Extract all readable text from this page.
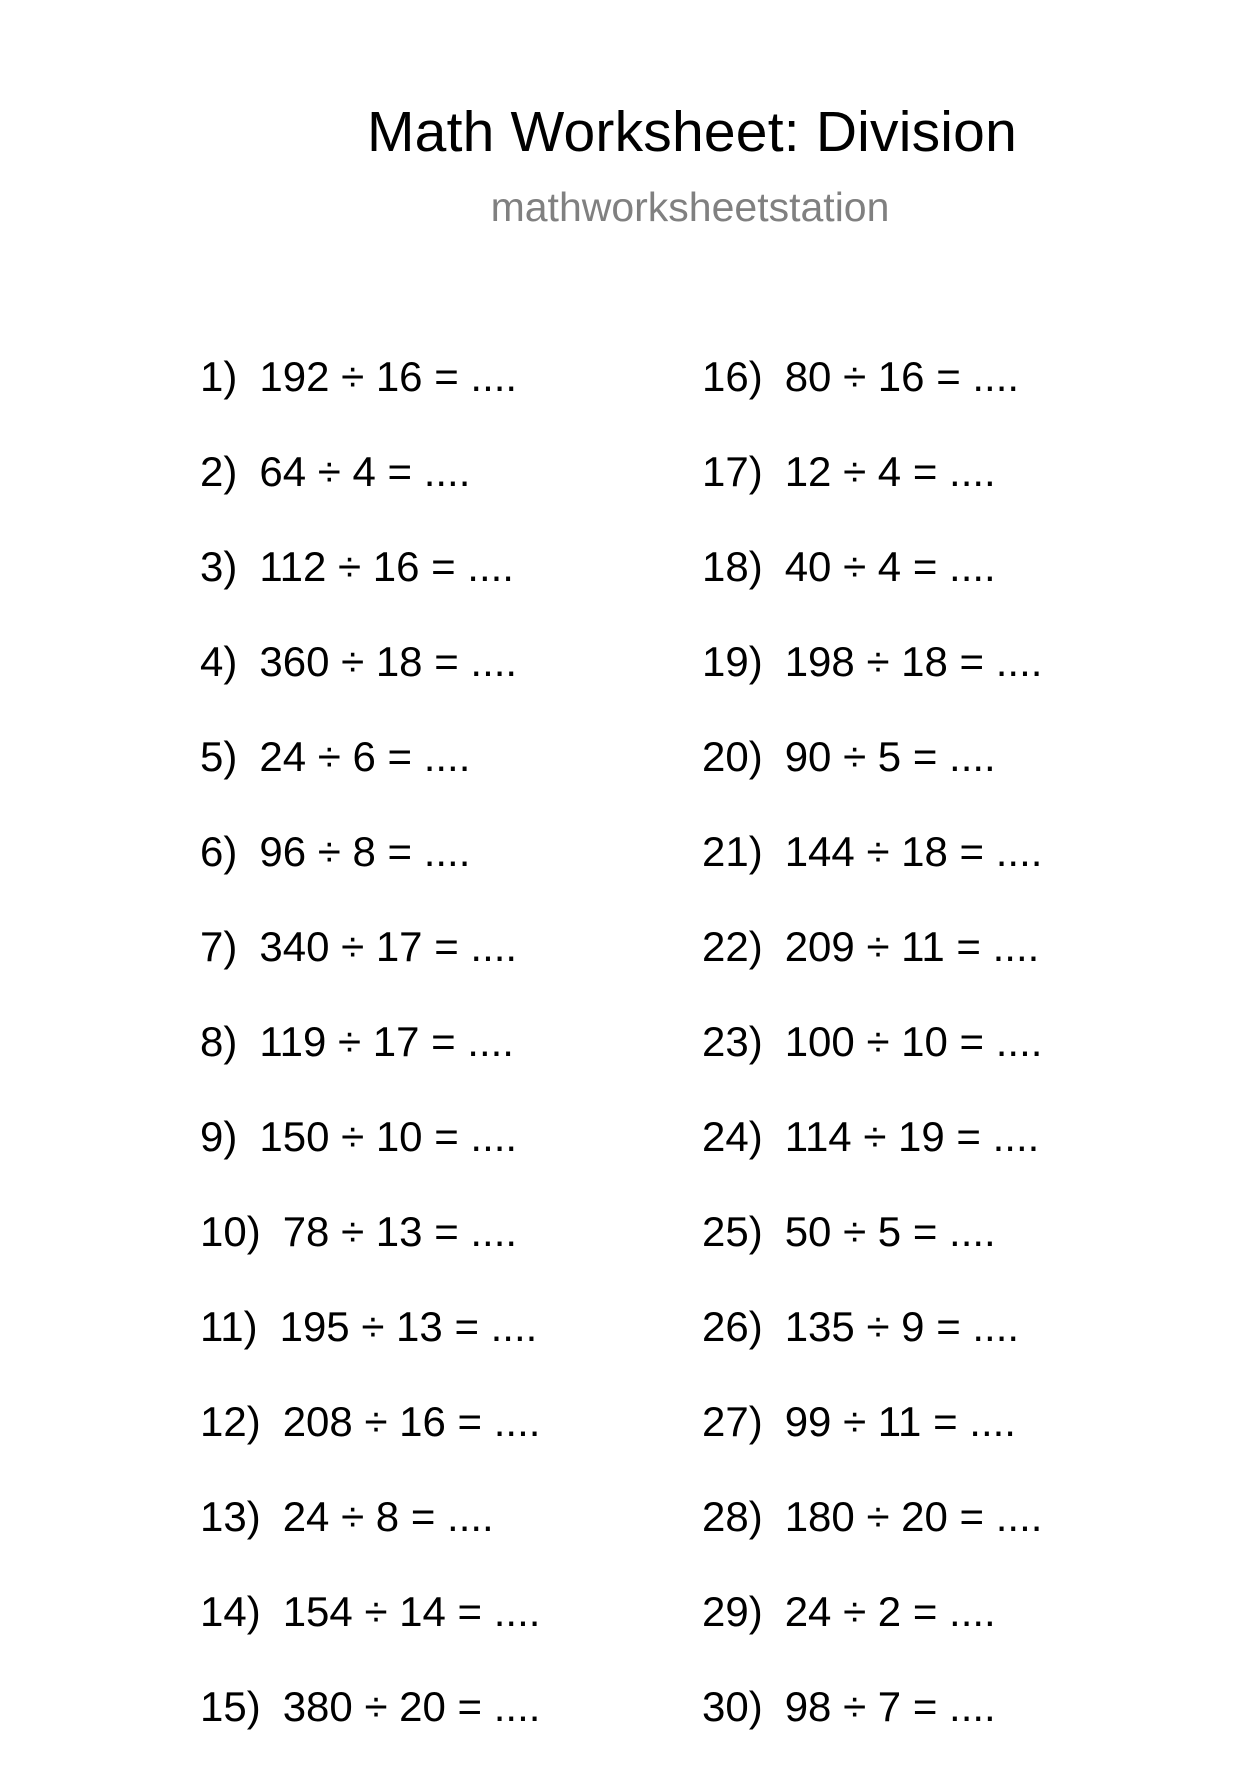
Math Worksheet: Division
mathworksheetstation
1) 192 ÷ 16 = ....
2) 64 ÷ 4 = ....
3) 112 ÷ 16 = ....
4) 360 ÷ 18 = ....
5) 24 ÷ 6 = ....
6) 96 ÷ 8 = ....
7) 340 ÷ 17 = ....
8) 119 ÷ 17 = ....
9) 150 ÷ 10 = ....
10) 78 ÷ 13 = ....
11) 195 ÷ 13 = ....
12) 208 ÷ 16 = ....
13) 24 ÷ 8 = ....
14) 154 ÷ 14 = ....
15) 380 ÷ 20 = ....
16) 80 ÷ 16 = ....
17) 12 ÷ 4 = ....
18) 40 ÷ 4 = ....
19) 198 ÷ 18 = ....
20) 90 ÷ 5 = ....
21) 144 ÷ 18 = ....
22) 209 ÷ 11 = ....
23) 100 ÷ 10 = ....
24) 114 ÷ 19 = ....
25) 50 ÷ 5 = ....
26) 135 ÷ 9 = ....
27) 99 ÷ 11 = ....
28) 180 ÷ 20 = ....
29) 24 ÷ 2 = ....
30) 98 ÷ 7 = ....
